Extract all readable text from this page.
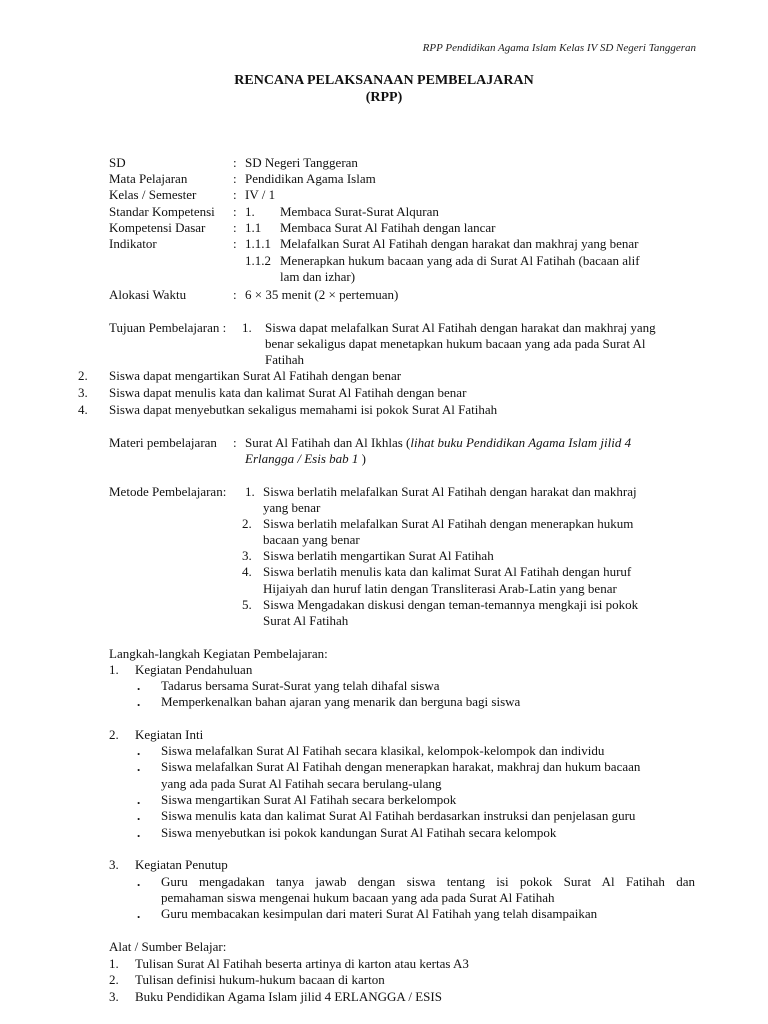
RPP Pendidikan Agama Islam Kelas IV SD Negeri Tanggeran
RENCANA PELAKSANAAN PEMBELAJARAN
(RPP)
SD	: SD Negeri Tanggeran
Mata Pelajaran	: Pendidikan Agama Islam
Kelas / Semester	: IV / 1
Standar Kompetensi : 1. Membaca Surat-Surat Alquran
Kompetensi Dasar : 1.1 Membaca Surat Al Fatihah dengan lancar
Indikator	: 1.1.1 Melafalkan Surat Al Fatihah dengan harakat dan makhraj yang benar
1.1.2 Menerapkan hukum bacaan yang ada di Surat Al Fatihah (bacaan alif
lam dan izhar)
Alokasi Waktu	: 6 × 35 menit (2 × pertemuan)
Tujuan Pembelajaran : 1. Siswa dapat melafalkan Surat Al Fatihah dengan harakat dan makhraj yang
benar sekaligus dapat menetapkan hukum bacaan yang ada pada Surat Al
Fatihah
2. Siswa dapat mengartikan Surat Al Fatihah dengan benar
3. Siswa dapat menulis kata dan kalimat Surat Al Fatihah dengan benar
4. Siswa dapat menyebutkan sekaligus memahami isi pokok Surat Al Fatihah
Materi pembelajaran : Surat Al Fatihah dan Al Ikhlas (lihat buku Pendidikan Agama Islam jilid 4
Erlangga / Esis bab 1 )
Metode Pembelajaran: 1. Siswa berlatih melafalkan Surat Al Fatihah dengan harakat dan makhraj
yang benar
2. Siswa berlatih melafalkan Surat Al Fatihah dengan menerapkan hukum
bacaan yang benar
3. Siswa berlatih mengartikan Surat Al Fatihah
4. Siswa berlatih menulis kata dan kalimat Surat Al Fatihah dengan huruf
Hijaiyah dan huruf latin dengan Transliterasi Arab-Latin yang benar
5. Siswa Mengadakan diskusi dengan teman-temannya mengkaji isi pokok
Surat Al Fatihah
Langkah-langkah Kegiatan Pembelajaran:
1. Kegiatan Pendahuluan
. Tadarus bersama Surat-Surat yang telah dihafal siswa
. Memperkenalkan bahan ajaran yang menarik dan berguna bagi siswa
2. Kegiatan Inti
. Siswa melafalkan Surat Al Fatihah secara klasikal, kelompok-kelompok dan individu
. Siswa melafalkan Surat Al Fatihah dengan menerapkan harakat, makhraj dan hukum bacaan
yang ada pada Surat Al Fatihah secara berulang-ulang
. Siswa mengartikan Surat Al Fatihah secara berkelompok
. Siswa menulis kata dan kalimat Surat Al Fatihah berdasarkan instruksi dan penjelasan guru
. Siswa menyebutkan isi pokok kandungan Surat Al Fatihah secara kelompok
3. Kegiatan Penutup
. Guru mengadakan tanya jawab dengan siswa tentang isi pokok Surat Al Fatihah dan
pemahaman siswa mengenai hukum bacaan yang ada pada Surat Al Fatihah
. Guru membacakan kesimpulan dari materi Surat Al Fatihah yang telah disampaikan
Alat / Sumber Belajar:
1. Tulisan Surat Al Fatihah beserta artinya di karton atau kertas A3
2. Tulisan definisi hukum-hukum bacaan di karton
3. Buku Pendidikan Agama Islam jilid 4 ERLANGGA / ESIS
